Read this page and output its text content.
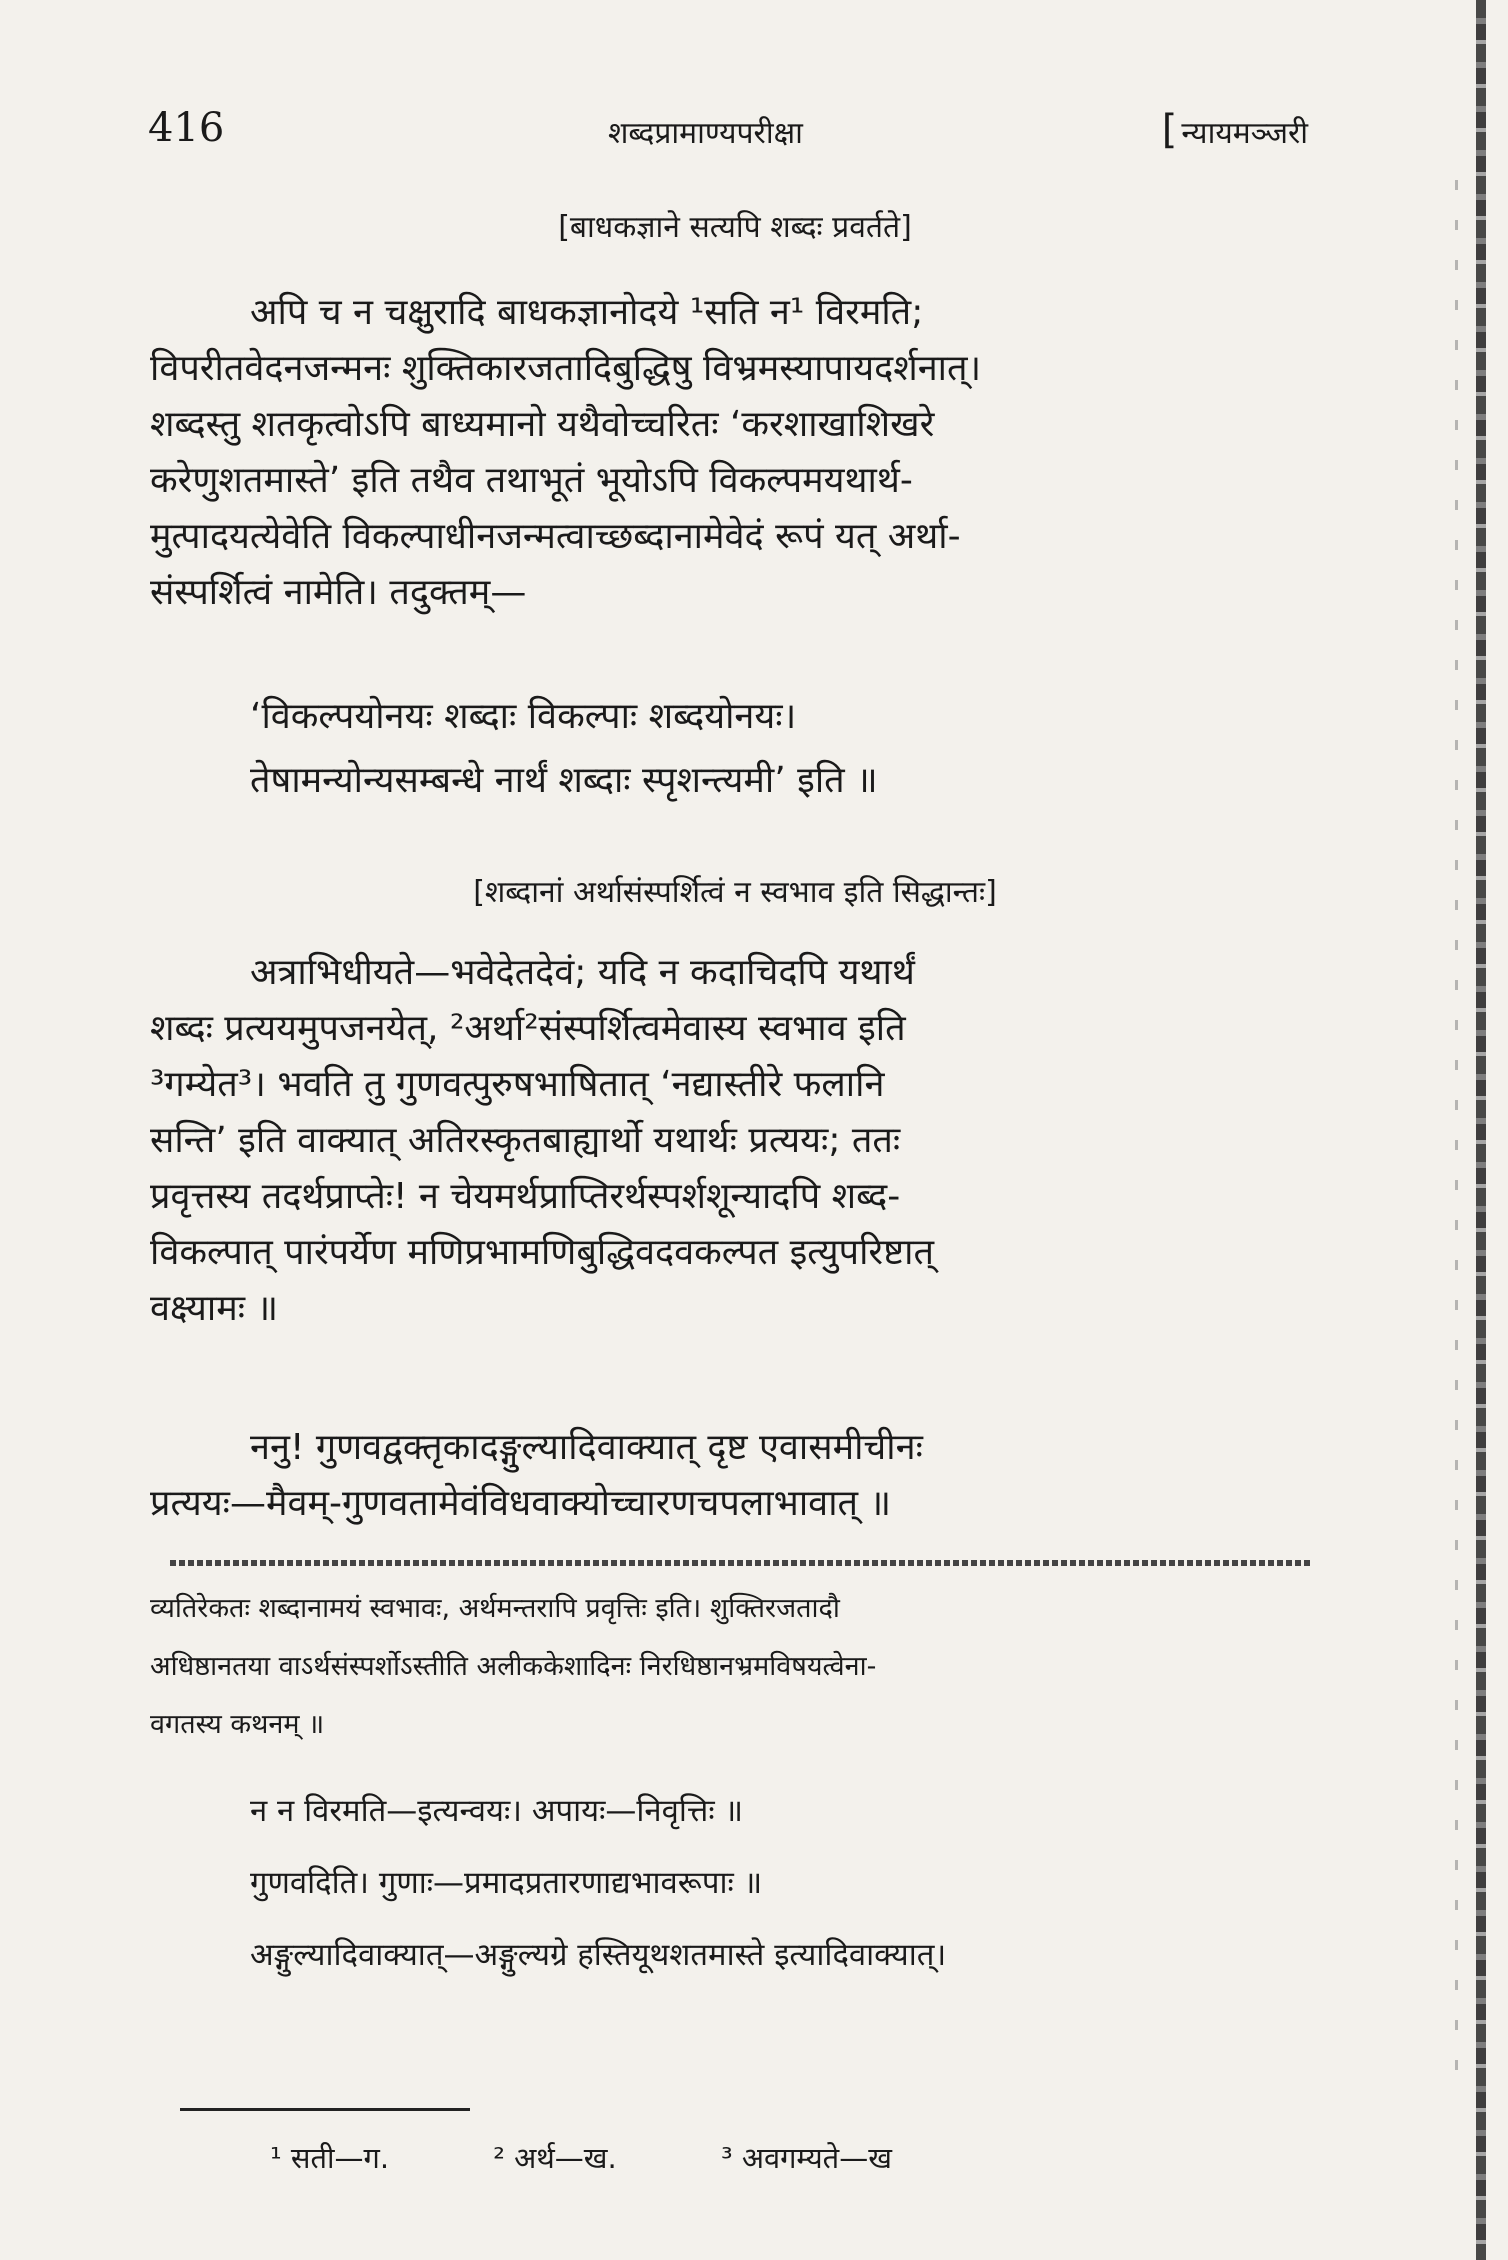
416	शब्दप्रामाण्यपरीक्षा
[	न्यायमञ्जरी
[ बाधकज्ञाने सत्यपि शब्दः प्रवर्तते ]

अपि च न चक्षुरादि बाधकज्ञानोदये ¹सति न¹ विरमति;

विपरीतवेदनजन्मनः शुक्तिकारजतादिबुद्धिषु विभ्रमस्यापायदर्शनात्।

शब्दस्तु शतकृत्वोऽपि बाध्यमानो यथैवोच्चरितः ‘करशाखाशिखरे

करेणुशतमास्ते’ इति तथैव तथाभूतं भूयोऽपि विकल्पमयथार्थ-

मुत्पादयत्येवेति विकल्पाधीनजन्मत्वाच्छब्दानामेवेदं रूपं यत् अर्था-

संस्पर्शित्वं नामेति। तदुक्तम्—

‘विकल्पयोनयः शब्दाः विकल्पाः शब्दयोनयः।
तेषामन्योन्यसम्बन्धे नार्थं शब्दाः स्पृशन्त्यमी’ इति ॥
[ शब्दानां अर्थासंस्पर्शित्वं न स्वभाव इति सिद्धान्तः ]

अत्राभिधीयते—भवेदेतदेवं; यदि न कदाचिदपि यथार्थं

शब्दः प्रत्ययमुपजनयेत्, ²अर्था²संस्पर्शित्वमेवास्य स्वभाव इति

³गम्येत³। भवति तु गुणवत्पुरुषभाषितात् ‘नद्यास्तीरे फलानि

सन्ति’ इति वाक्यात् अतिरस्कृतबाह्यार्थो यथार्थः प्रत्ययः; ततः

प्रवृत्तस्य तदर्थप्राप्तेः! न चेयमर्थप्राप्तिरर्थस्पर्शशून्यादपि शब्द-

विकल्पात् पारंपर्येण मणिप्रभामणिबुद्धिवदवकल्पत इत्युपरिष्टात्

वक्ष्यामः ॥

ननु! गुणवद्वक्तृकादङ्गुल्यादिवाक्यात् दृष्ट एवासमीचीनः

प्रत्ययः—मैवम्-गुणवतामेवंविधवाक्योच्चारणचपलाभावात् ॥

व्यतिरेकतः शब्दानामयं स्वभावः, अर्थमन्तरापि प्रवृत्तिः इति। शुक्तिरजतादौ
अधिष्ठानतया वाऽर्थसंस्पर्शोऽस्तीति अलीककेशादिनः निरधिष्ठानभ्रमविषयत्वेना-
वगतस्य कथनम् ॥
न न विरमति—इत्यन्वयः। अपायः—निवृत्तिः ॥
गुणवदिति। गुणाः—प्रमादप्रतारणाद्यभावरूपाः ॥
अङ्गुल्यादिवाक्यात्—अङ्गुल्यग्रे हस्तियूथशतमास्ते इत्यादिवाक्यात्।
¹ सती—ग.	² अर्थ—ख.	³ अवगम्यते—ख
